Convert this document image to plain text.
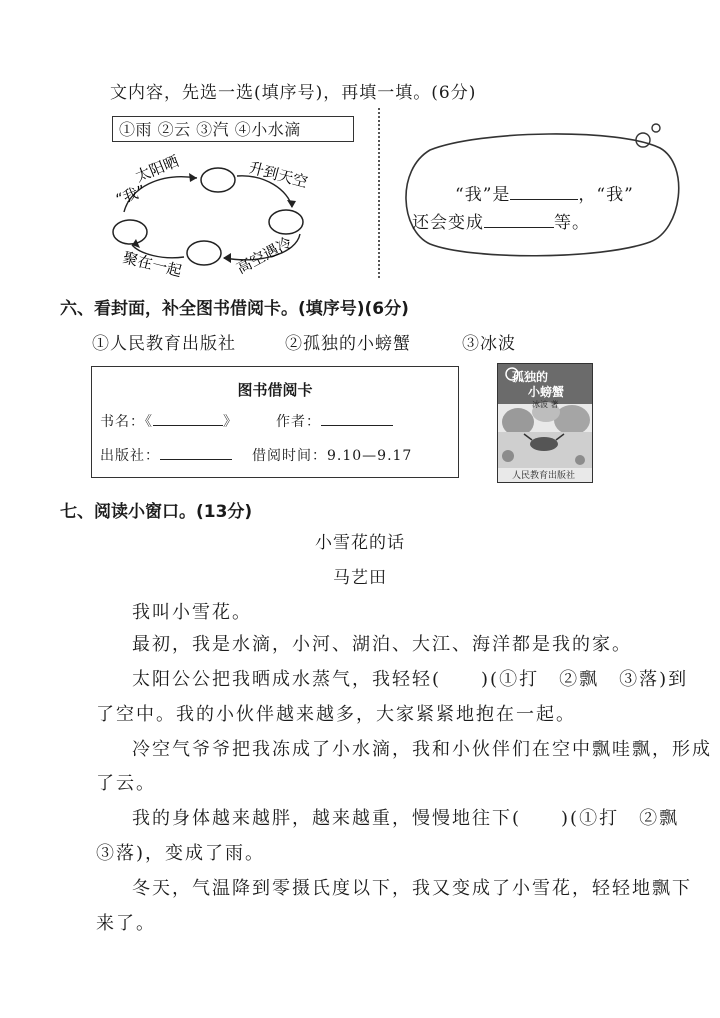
文内容，先选一选(填序号)，再填一填。(6分)
①雨 ②云 ③汽 ④小水滴
“我”
太阳晒	升到天空
高空遇冷
聚在一起
“我”是	，“我”
还会变成	等。
六、看封面，补全图书借阅卡。(填序号)(6分)
①人民教育出版社	②孤独的小螃蟹	③冰波
图书借阅卡
书名：《	》	作者：
出版社：	借阅时间：9.10—9.17
孤独的
小螃蟹
冰波 著
人民教育出版社
七、阅读小窗口。(13分)
小雪花的话
马艺田
我叫小雪花。
最初，我是水滴，小河、湖泊、大江、海洋都是我的家。
太阳公公把我晒成水蒸气，我轻轻(　　)(①打　②飘　③落)到
了空中。我的小伙伴越来越多，大家紧紧地抱在一起。
冷空气爷爷把我冻成了小水滴，我和小伙伴们在空中飘哇飘，形成
了云。
我的身体越来越胖，越来越重，慢慢地往下(　　)(①打　②飘
③落)，变成了雨。
冬天，气温降到零摄氏度以下，我又变成了小雪花，轻轻地飘下
来了。
